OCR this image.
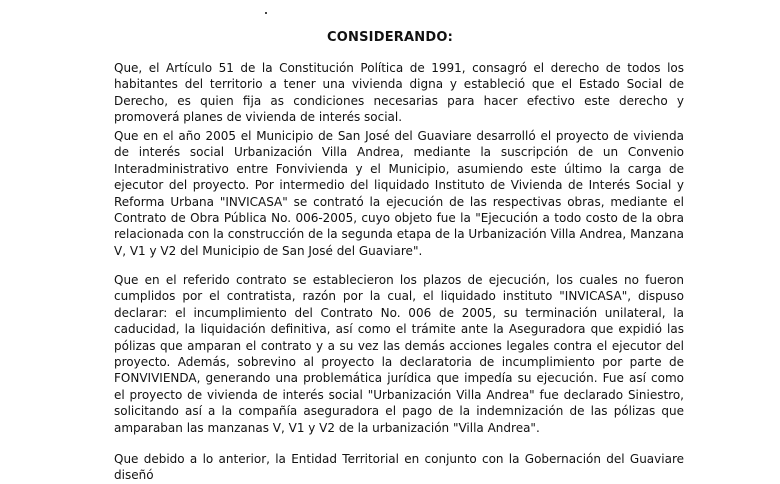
CONSIDERANDO:

Que, el Artículo 51 de la Constitución Política de 1991, consagró el derecho de todos los habitantes del territorio a tener una vivienda digna y estableció que el Estado Social de Derecho, es quien fija as condiciones necesarias para hacer efectivo este derecho y promoverá planes de vivienda de interés social.

Que en el año 2005 el Municipio de San José del Guaviare desarrolló el proyecto de vivienda de interés social Urbanización Villa Andrea, mediante la suscripción de un Convenio Interadministrativo entre Fonvivienda y el Municipio, asumiendo este último la carga de ejecutor del proyecto. Por intermedio del liquidado Instituto de Vivienda de Interés Social y Reforma Urbana "INVICASA" se contrató la ejecución de las respectivas obras, mediante el Contrato de Obra Pública No. 006-2005, cuyo objeto fue la "Ejecución a todo costo de la obra relacionada con la construcción de la segunda etapa de la Urbanización Villa Andrea, Manzana V, V1 y V2 del Municipio de San José del Guaviare".

Que en el referido contrato se establecieron los plazos de ejecución, los cuales no fueron cumplidos por el contratista, razón por la cual, el liquidado instituto "INVICASA", dispuso declarar: el incumplimiento del Contrato No. 006 de 2005, su terminación unilateral, la caducidad, la liquidación definitiva, así como el trámite ante la Aseguradora que expidió las pólizas que amparan el contrato y a su vez las demás acciones legales contra el ejecutor del proyecto. Además, sobrevino al proyecto la declaratoria de incumplimiento por parte de FONVIVIENDA, generando una problemática jurídica que impedía su ejecución. Fue así como el proyecto de vivienda de interés social "Urbanización Villa Andrea" fue declarado Siniestro, solicitando así a la compañía aseguradora el pago de la indemnización de las pólizas que amparaban las manzanas V, V1 y V2 de la urbanización "Villa Andrea".

Que debido a lo anterior, la Entidad Territorial en conjunto con la Gobernación del Guaviare diseñó
